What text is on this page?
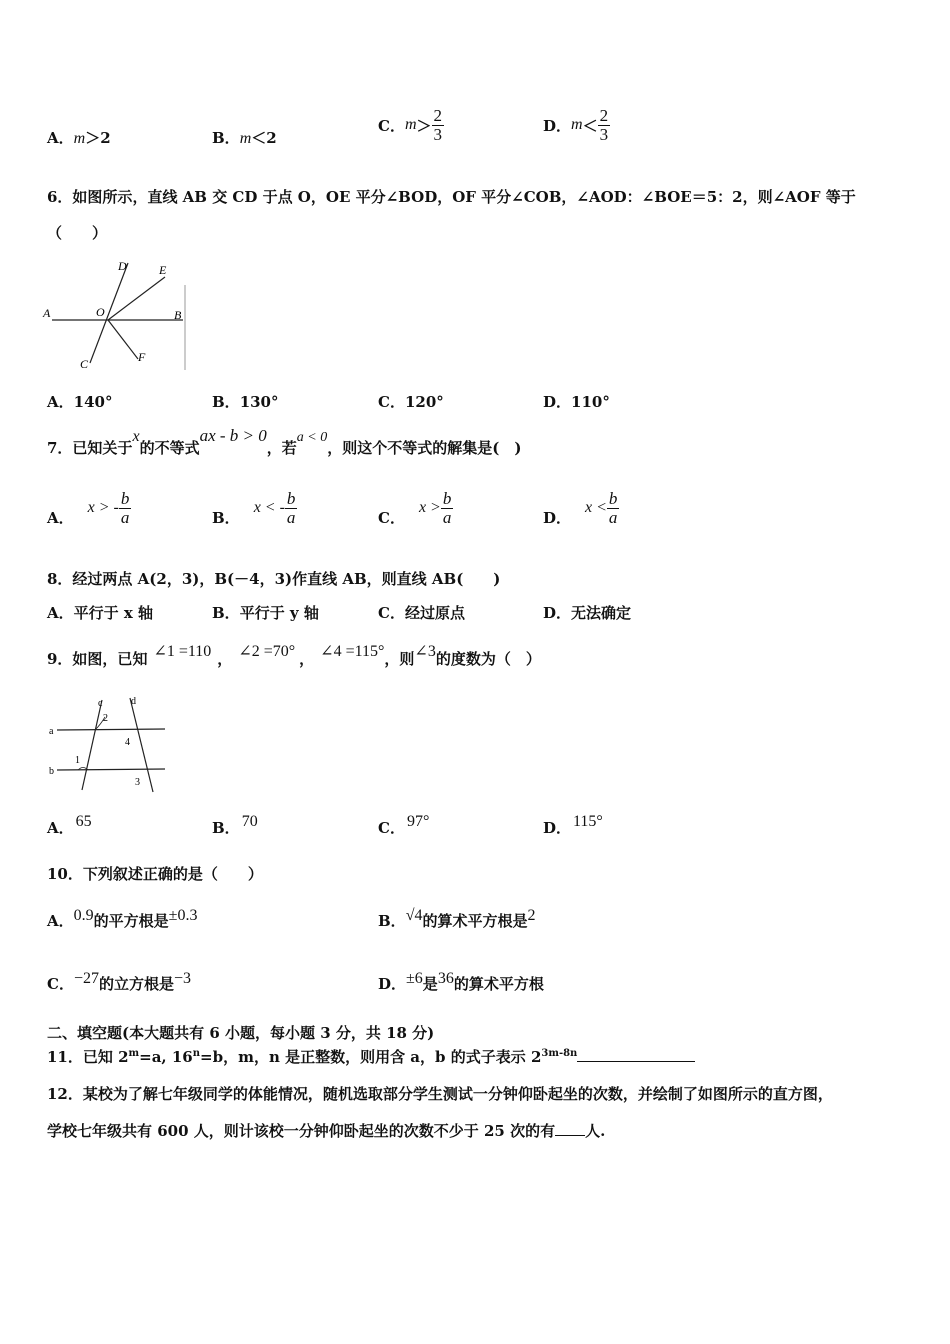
A．m＞2	B．m＜2
C． $m > \frac{2}{3}$	D． $m < \frac{2}{3}$
6．如图所示，直线 AB 交 CD 于点 O，OE 平分∠BOD，OF 平分∠COB，∠AOD：∠BOE＝5：2，则∠AOF 等于
（　　）
A	B
C
D	E
F
O
A．140°	B．130°	C．120°	D．110°
7．已知关于x的不等式ax - b > 0，若a < 0，则这个不等式的解集是(　)
A．
x > - $\frac{b}{a}$	B．
x < - $\frac{b}{a}$	C．
$x > \frac{b}{a}$	D．
$x < \frac{b}{a}$
8．经过两点 A(2，3)，B(－4，3)作直线 AB，则直线 AB(　　)
A．平行于 x 轴	B．平行于 y 轴	C．经过原点	D．无法确定
9．如图，已知 ∠1 =110 ， ∠2 =70° ， ∠4 =115°，则∠3的度数为（　）
a
b
c	d
1
2
3
4
A． 65	B． 70	C． 97°	D． 115°
10．下列叙述正确的是（　　）
A．0.9的平方根是±0.3	B．√4的算术平方根是2
C．−27的立方根是−3	D．±6是36的算术平方根
二、填空题(本大题共有 6 小题，每小题 3 分，共 18 分)
11．已知 $2^m=a$, $16^n=b$，m，n 是正整数，则用含 a，b 的式子表示 $2^{3m-8n}$
12．某校为了解七年级同学的体能情况，随机选取部分学生测试一分钟仰卧起坐的次数，并绘制了如图所示的直方图，
学校七年级共有 600 人，则计该校一分钟仰卧起坐的次数不少于 25 次的有 人.
